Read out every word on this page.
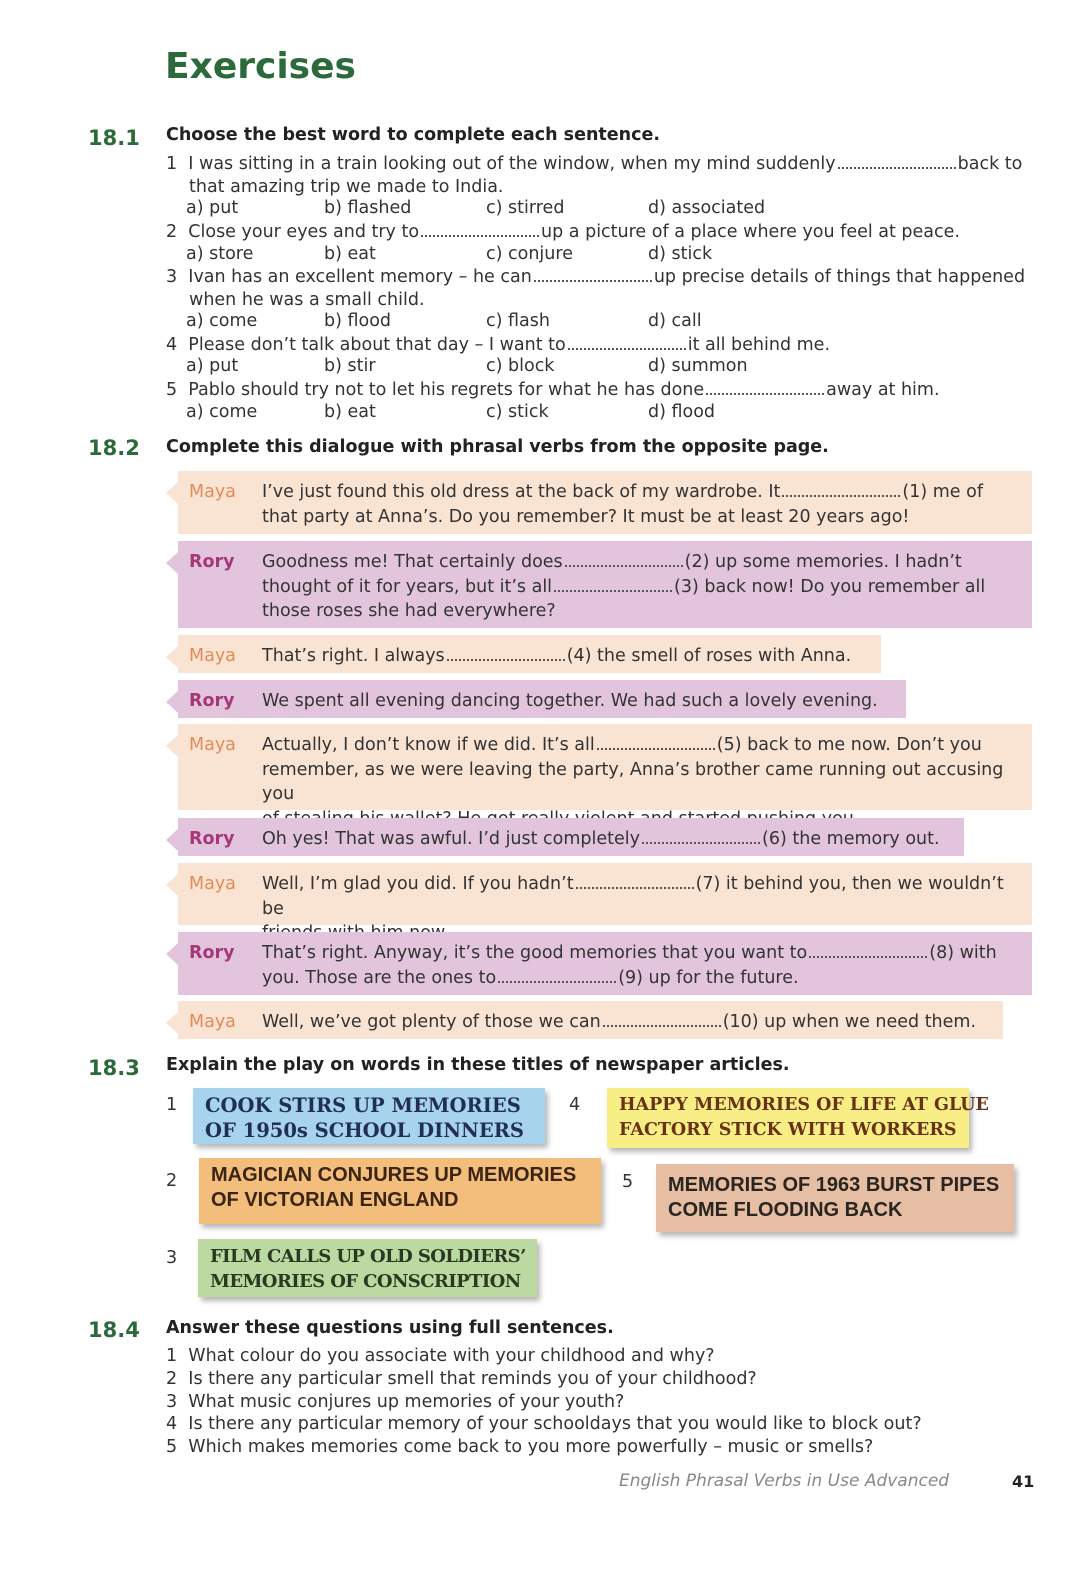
Exercises
18.1 Choose the best word to complete each sentence.
1 I was sitting in a train looking out of the window, when my mind suddenly	back to
that amazing trip we made to India.
a) put	b) flashed	c) stirred	d) associated
2 Close your eyes and try to	up a picture of a place where you feel at peace.
a) store	b) eat	c) conjure	d) stick
3 Ivan has an excellent memory – he can	up precise details of things that happened
when he was a small child.
a) come	b) flood	c) flash	d) call
4 Please don’t talk about that day – I want to	it all behind me.
a) put	b) stir	c) block	d) summon
5 Pablo should try not to let his regrets for what he has done	away at him.
a) come	b) eat	c) stick	d) flood
18.2 Complete this dialogue with phrasal verbs from the opposite page.
Maya I’ve just found this old dress at the back of my wardrobe. It	(1) me of
that party at Anna’s. Do you remember? It must be at least 20 years ago!
Rory Goodness me! That certainly does	(2) up some memories. I hadn’t
thought of it for years, but it’s all	(3) back now! Do you remember all
those roses she had everywhere?
Maya That’s right. I always	(4) the smell of roses with Anna.
Rory We spent all evening dancing together. We had such a lovely evening.
Maya Actually, I don’t know if we did. It’s all	(5) back to me now. Don’t you
remember, as we were leaving the party, Anna’s brother came running out accusing you
Rory Oh yes! That was awful. I’d just completely	(6) the memory out.
Maya Well, I’m glad you did. If you hadn’t	(7) it behind you, then we wouldn’t be
Rory That’s right. Anyway, it’s the good memories that you want to	(8) with
you. Those are the ones to	(9) up for the future.
Maya Well, we’ve got plenty of those we can	(10) up when we need them.
18.3 Explain the play on words in these titles of newspaper articles.
1 COOK STIRS UP MEMORIES
OF 1950s SCHOOL DINNERS
4 HAPPY MEMORIES OF LIFE AT GLUE
FACTORY STICK WITH WORKERS
2 MAGICIAN CONJURES UP MEMORIES
OF VICTORIAN ENGLAND
5 MEMORIES OF 1963 BURST PIPES
COME FLOODING BACK
3 FILM CALLS UP OLD SOLDIERS’
MEMORIES OF CONSCRIPTION
18.4 Answer these questions using full sentences.
1 What colour do you associate with your childhood and why?
2 Is there any particular smell that reminds you of your childhood?
3 What music conjures up memories of your youth?
4 Is there any particular memory of your schooldays that you would like to block out?
5 Which makes memories come back to you more powerfully – music or smells?
English Phrasal Verbs in Use Advanced	41
